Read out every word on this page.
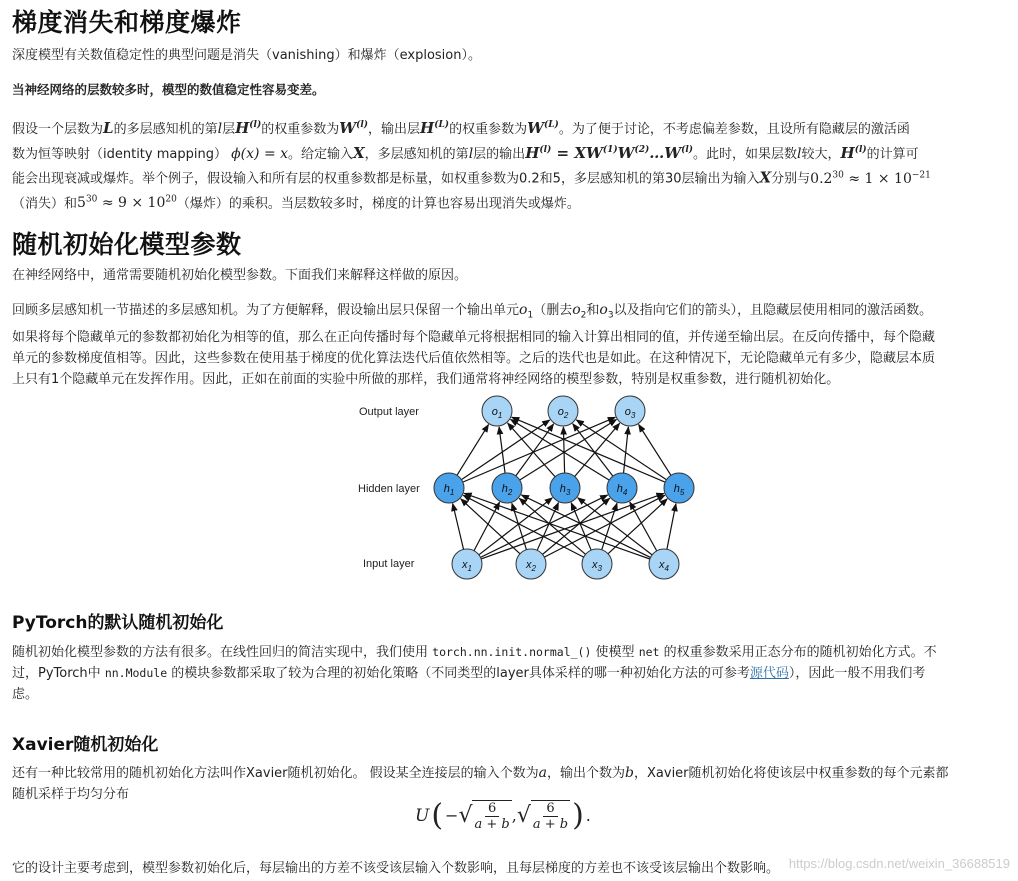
梯度消失和梯度爆炸

深度模型有关数值稳定性的典型问题是消失（vanishing）和爆炸（explosion）。

当神经网络的层数较多时，模型的数值稳定性容易变差。

假设一个层数为L的多层感知机的第l层$H^{(l)}$的权重参数为$W^{(l)}$，输出层$H^{(L)}$的权重参数为$W^{(L)}$。为了便于讨论，不考虑偏差参数，且设所有隐藏层的激活函
数为恒等映射（identity mapping） ϕ(x) = x。给定输入X，多层感知机的第l层的输出$H^{(l)}$ = $XW^{(1)}W^{(2)}\dots W^{(l)}$。此时，如果层数l较大，$H^{(l)}$的计算可
能会出现衰减或爆炸。举个例子，假设输入和所有层的权重参数都是标量，如权重参数为0.2和5，多层感知机的第30层输出为输入X分别与$0.2^{30} \approx 1 \times 10^{-21}$
（消失）和$5^{30} \approx 9 \times 10^{20}$（爆炸）的乘积。当层数较多时，梯度的计算也容易出现消失或爆炸。

随机初始化模型参数

在神经网络中，通常需要随机初始化模型参数。下面我们来解释这样做的原因。

回顾多层感知机一节描述的多层感知机。为了方便解释，假设输出层只保留一个输出单元$o_1$（删去$o_2$和$o_3$以及指向它们的箭头），且隐藏层使用相同的激活函数。
如果将每个隐藏单元的参数都初始化为相等的值，那么在正向传播时每个隐藏单元将根据相同的输入计算出相同的值，并传递至输出层。在反向传播中，每个隐藏
单元的参数梯度值相等。因此，这些参数在使用基于梯度的优化算法迭代后值依然相等。之后的迭代也是如此。在这种情况下，无论隐藏单元有多少，隐藏层本质
上只有1个隐藏单元在发挥作用。因此，正如在前面的实验中所做的那样，我们通常将神经网络的模型参数，特别是权重参数，进行随机初始化。

Output layer
Hidden layer
Input layer
$o_1$	$o_2$	$o_3$
$h_1$	$h_2$	$h_3$	$h_4$	$h_5$
$x_1$	$x_2$	$x_3$	$x_4$
PyTorch的默认随机初始化

随机初始化模型参数的方法有很多。在线性回归的简洁实现中，我们使用 torch.nn.init.normal_() 使模型 net 的权重参数采用正态分布的随机初始化方式。不
过，PyTorch中 nn.Module 的模块参数都采取了较为合理的初始化策略（不同类型的layer具体采样的哪一种初始化方法的可参考源代码），因此一般不用我们考
虑。

Xavier随机初始化

还有一种比较常用的随机初始化方法叫作Xavier随机初始化。 假设某全连接层的输入个数为a，输出个数为b，Xavier随机初始化将使该层中权重参数的每个元素都
随机采样于均匀分布

U ( − √ $\frac{6}{a + b}$ , √ $\frac{6}{a + b}$ ) .

它的设计主要考虑到，模型参数初始化后，每层输出的方差不该受该层输入个数影响，且每层梯度的方差也不该受该层输出个数影响。 https://blog.csdn.net/weixin_36688519
